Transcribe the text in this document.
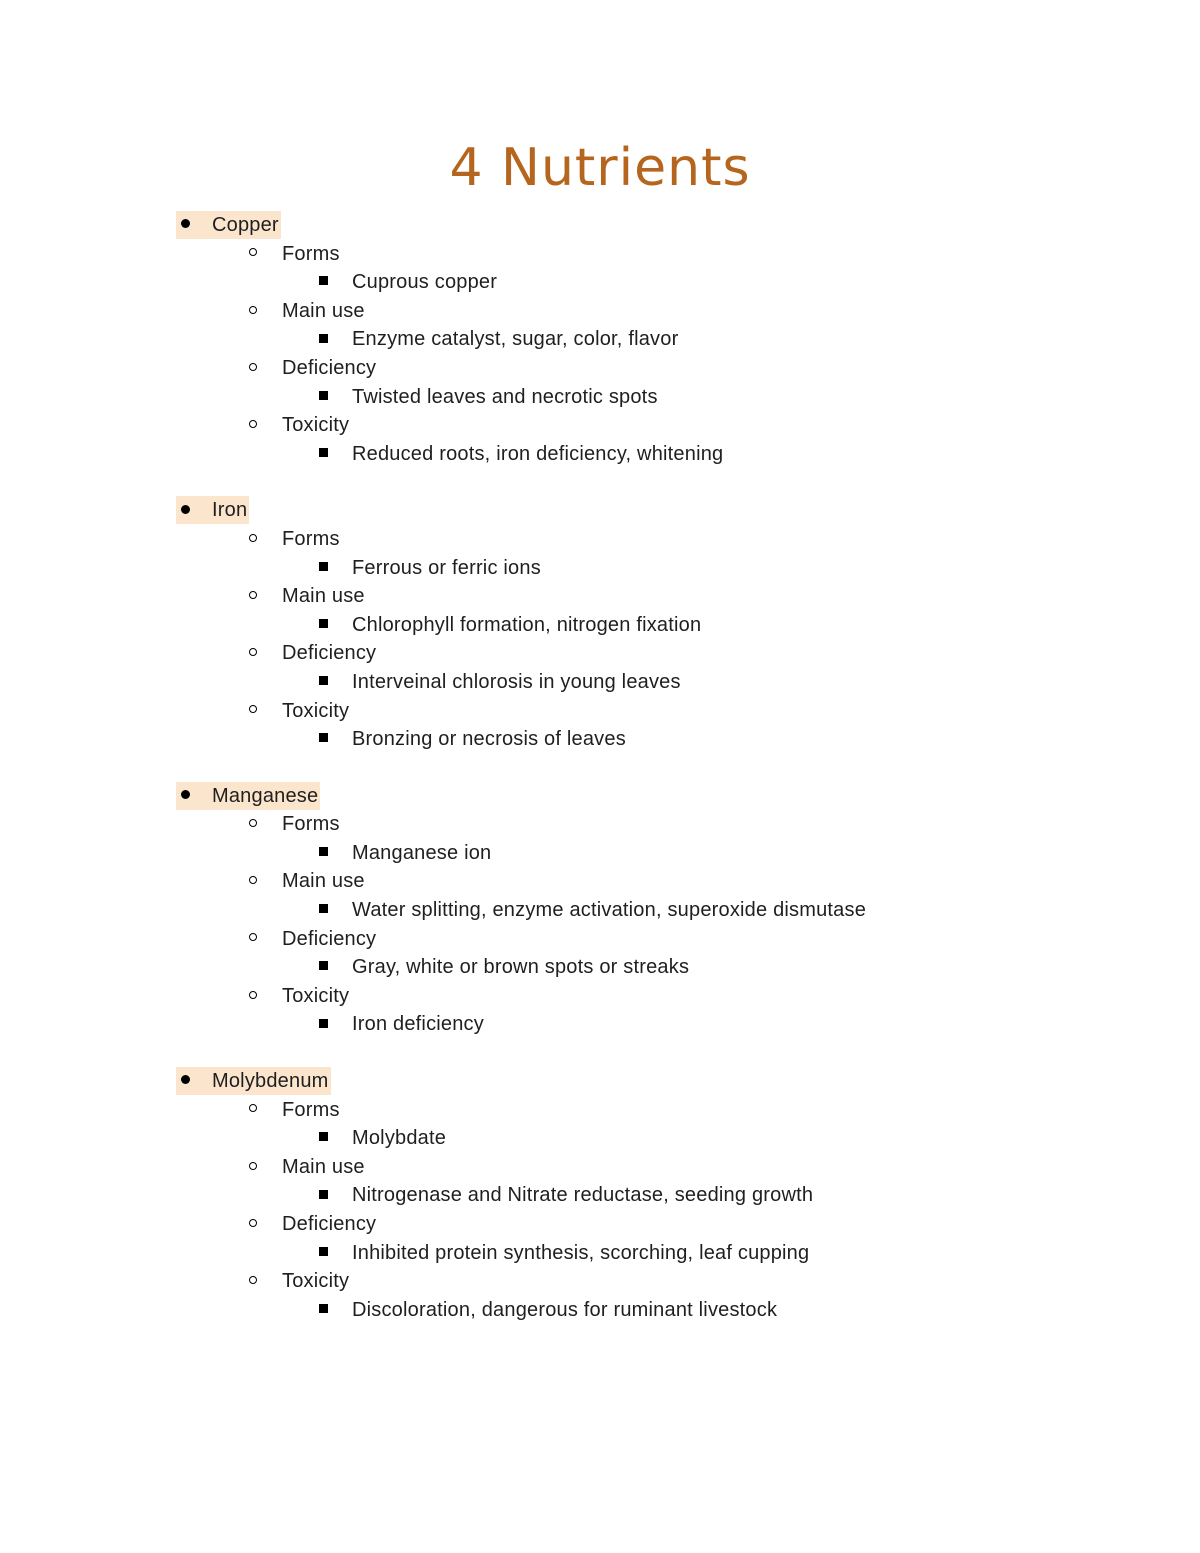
4 Nutrients
Copper
Forms
Cuprous copper
Main use
Enzyme catalyst, sugar, color, flavor
Deficiency
Twisted leaves and necrotic spots
Toxicity
Reduced roots, iron deficiency, whitening
Iron
Forms
Ferrous or ferric ions
Main use
Chlorophyll formation, nitrogen fixation
Deficiency
Interveinal chlorosis in young leaves
Toxicity
Bronzing or necrosis of leaves
Manganese
Forms
Manganese ion
Main use
Water splitting, enzyme activation, superoxide dismutase
Deficiency
Gray, white or brown spots or streaks
Toxicity
Iron deficiency
Molybdenum
Forms
Molybdate
Main use
Nitrogenase and Nitrate reductase, seeding growth
Deficiency
Inhibited protein synthesis, scorching, leaf cupping
Toxicity
Discoloration, dangerous for ruminant livestock
